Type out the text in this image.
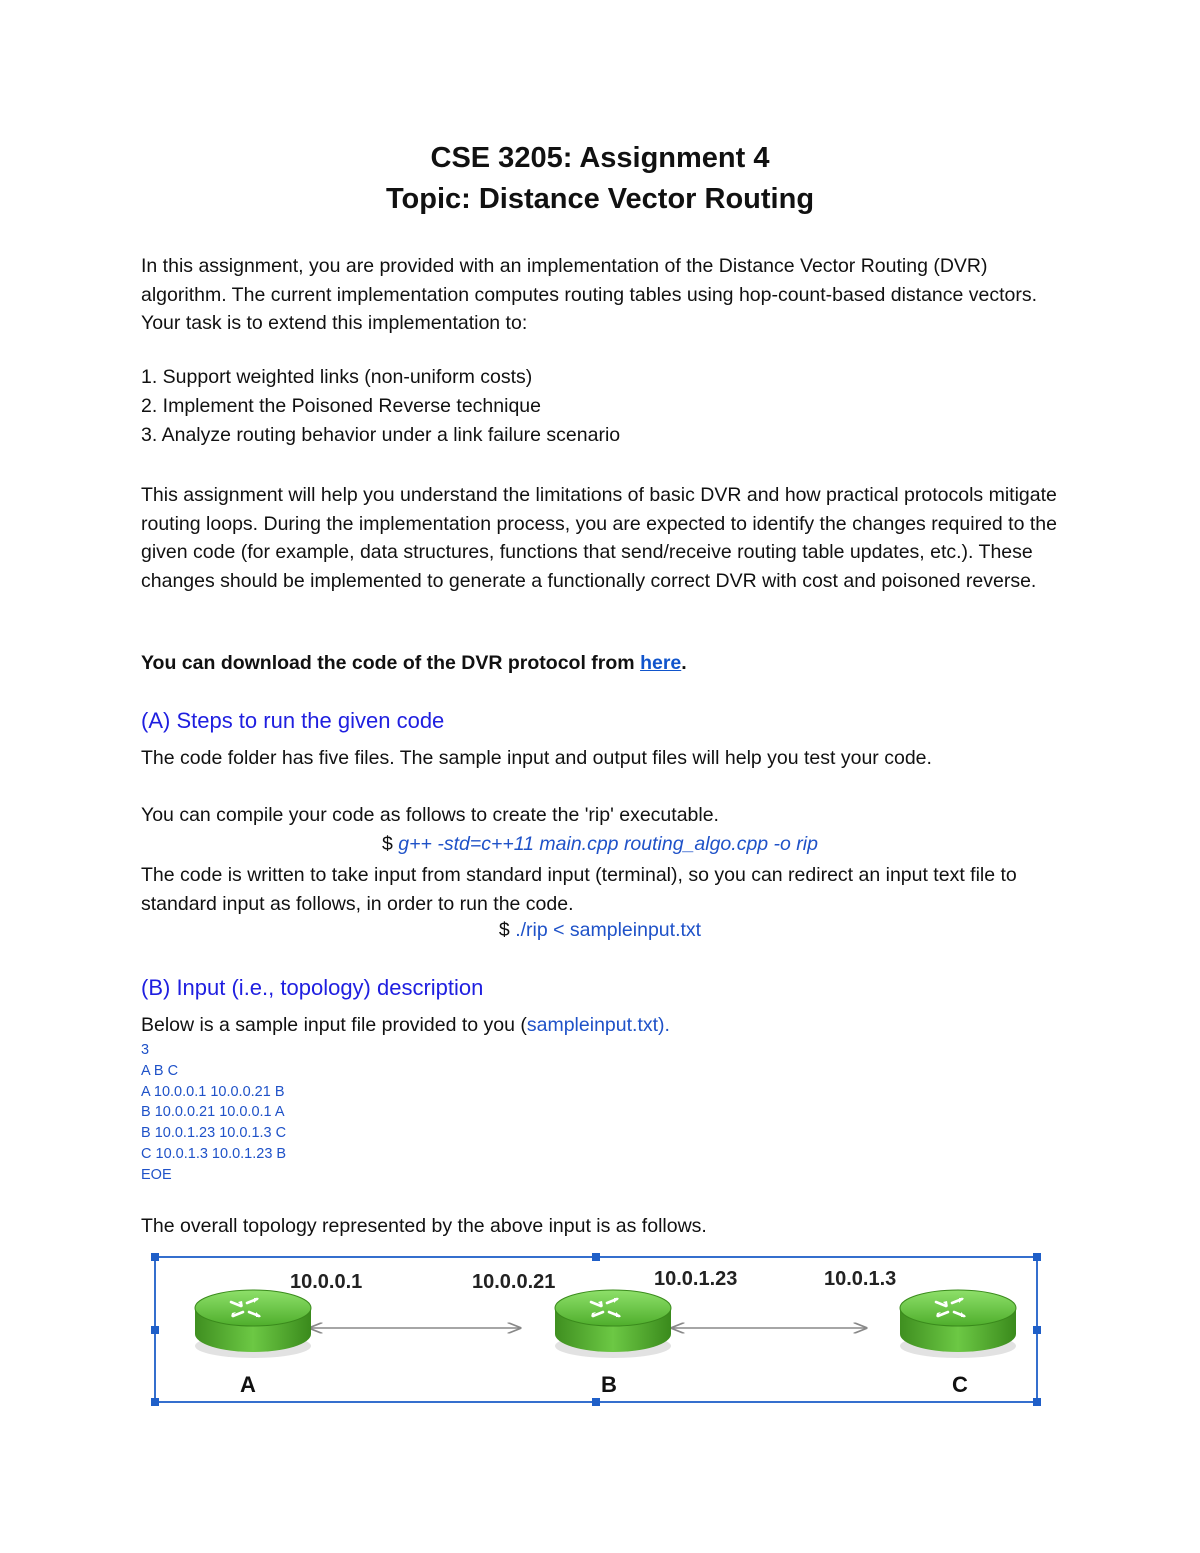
CSE 3205: Assignment 4
Topic: Distance Vector Routing
In this assignment, you are provided with an implementation of the Distance Vector Routing (DVR) algorithm. The current implementation computes routing tables using hop-count-based distance vectors. Your task is to extend this implementation to:
1. Support weighted links (non-uniform costs)
2. Implement the Poisoned Reverse technique
3. Analyze routing behavior under a link failure scenario
This assignment will help you understand the limitations of basic DVR and how practical protocols mitigate routing loops. During the implementation process, you are expected to identify the changes required to the given code (for example, data structures, functions that send/receive routing table updates, etc.). These changes should be implemented to generate a functionally correct DVR with cost and poisoned reverse.
You can download the code of the DVR protocol from here.
(A) Steps to run the given code
The code folder has five files. The sample input and output files will help you test your code.
You can compile your code as follows to create the 'rip' executable.
$ g++ -std=c++11 main.cpp routing_algo.cpp -o rip
The code is written to take input from standard input (terminal), so you can redirect an input text file to standard input as follows, in order to run the code.
$ ./rip < sampleinput.txt
(B) Input (i.e., topology) description
Below is a sample input file provided to you (sampleinput.txt).
3
A B C
A 10.0.0.1 10.0.0.21 B
B 10.0.0.21 10.0.0.1 A
B 10.0.1.23 10.0.1.3 C
C 10.0.1.3 10.0.1.23 B
EOE
The overall topology represented by the above input is as follows.
10.0.0.1	10.0.0.21	10.0.1.23	10.0.1.3
A	B	C
